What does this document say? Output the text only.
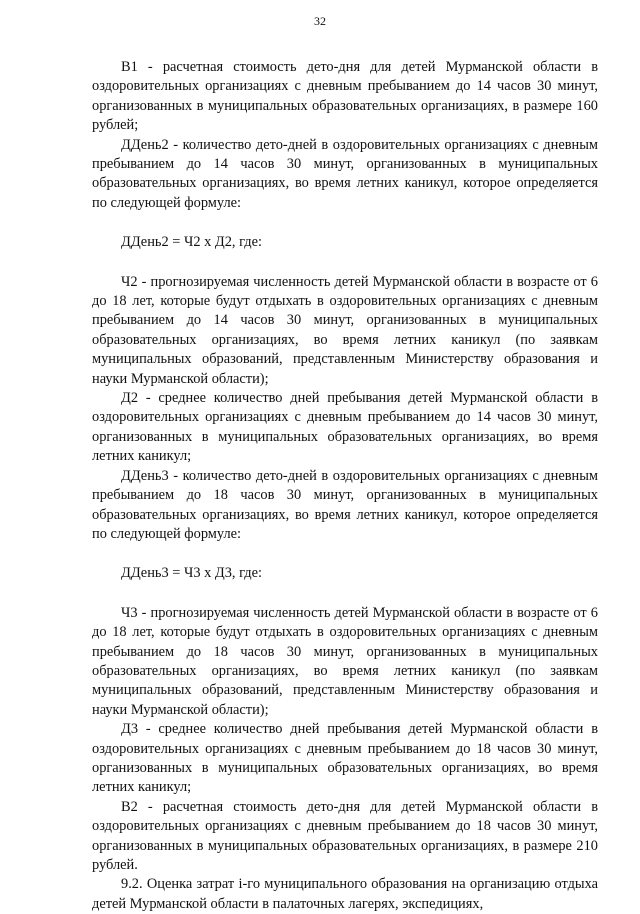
32

В1 - расчетная стоимость дето-дня для детей Мурманской области в оздоровительных организациях с дневным пребыванием до 14 часов 30 минут, организованных в муниципальных образовательных организациях, в размере 160 рублей;

ДДень2 - количество дето-дней в оздоровительных организациях с дневным пребыванием до 14 часов 30 минут, организованных в муниципальных образовательных организациях, во время летних каникул, которое определяется по следующей формуле:

ДДень2 = Ч2 х Д2, где:

Ч2 - прогнозируемая численность детей Мурманской области в возрасте от 6 до 18 лет, которые будут отдыхать в оздоровительных организациях с дневным пребыванием до 14 часов 30 минут, организованных в муниципальных образовательных организациях, во время летних каникул (по заявкам муниципальных образований, представленным Министерству образования и науки Мурманской области);

Д2 - среднее количество дней пребывания детей Мурманской области в оздоровительных организациях с дневным пребыванием до 14 часов 30 минут, организованных в муниципальных образовательных организациях, во время летних каникул;

ДДень3 - количество дето-дней в оздоровительных организациях с дневным пребыванием до 18 часов 30 минут, организованных в муниципальных образовательных организациях, во время летних каникул, которое определяется по следующей формуле:

ДДень3 = Ч3 х Д3, где:

Ч3 - прогнозируемая численность детей Мурманской области в возрасте от 6 до 18 лет, которые будут отдыхать в оздоровительных организациях с дневным пребыванием до 18 часов 30 минут, организованных в муниципальных образовательных организациях, во время летних каникул (по заявкам муниципальных образований, представленным Министерству образования и науки Мурманской области);

Д3 - среднее количество дней пребывания детей Мурманской области в оздоровительных организациях с дневным пребыванием до 18 часов 30 минут, организованных в муниципальных образовательных организациях, во время летних каникул;

В2 - расчетная стоимость дето-дня для детей Мурманской области в оздоровительных организациях с дневным пребыванием до 18 часов 30 минут, организованных в муниципальных образовательных организациях, в размере 210 рублей.

9.2. Оценка затрат i-го муниципального образования на организацию отдыха детей Мурманской области в палаточных лагерях, экспедициях,
